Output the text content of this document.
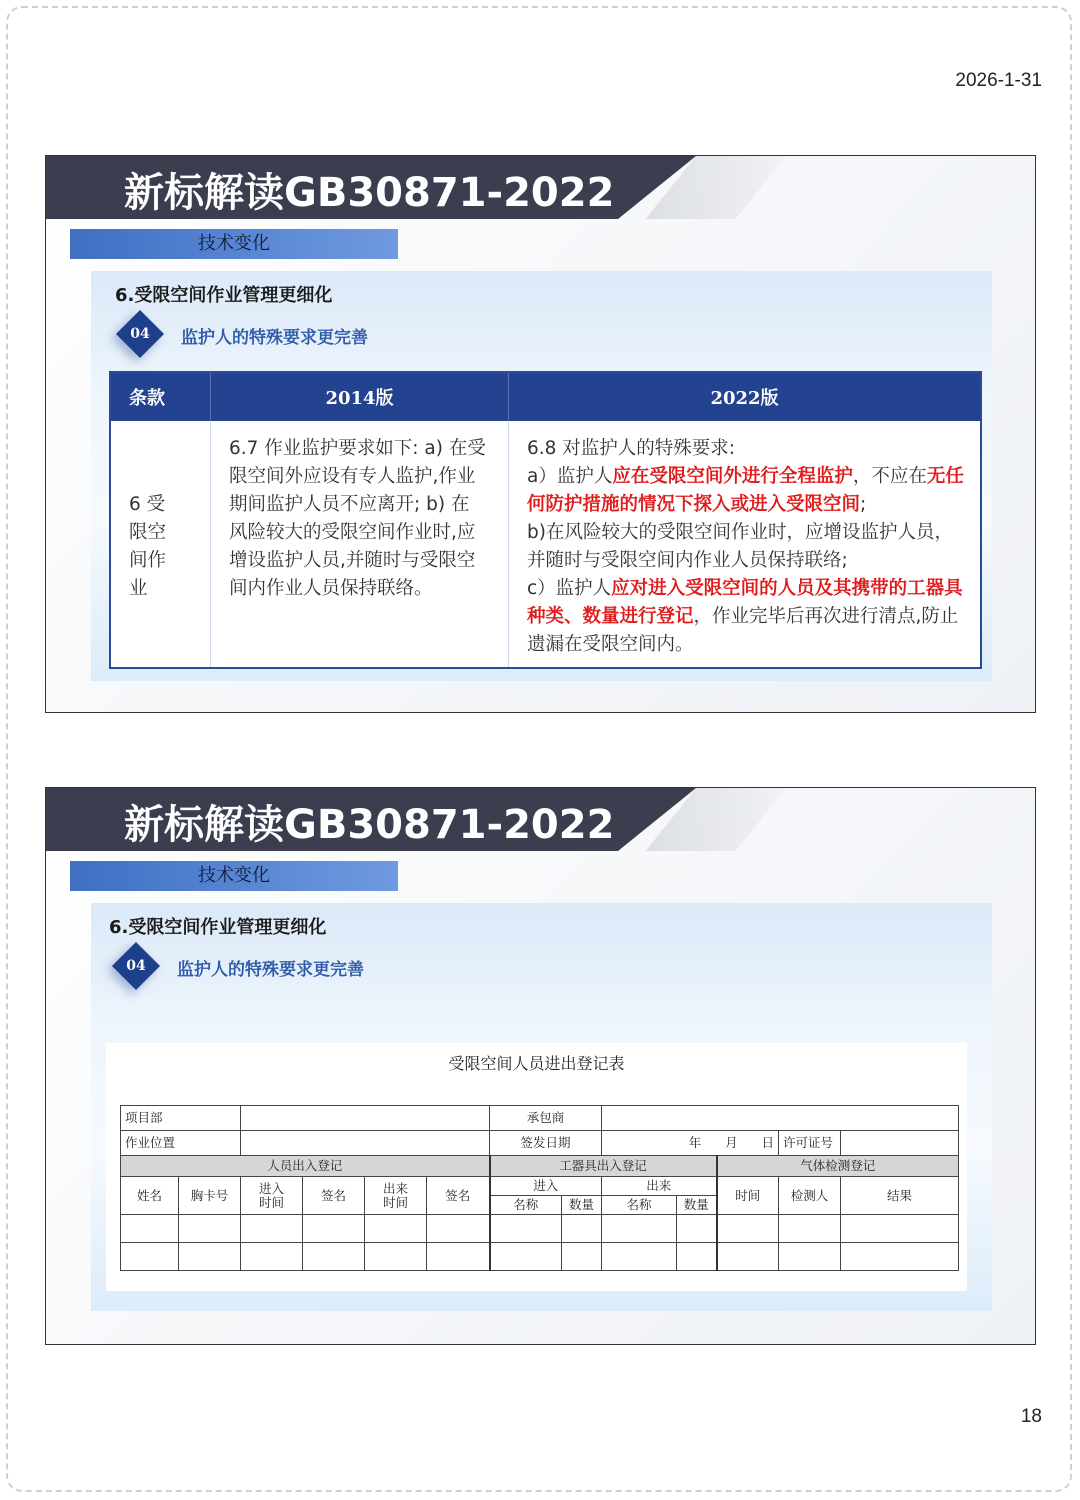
2026-1-31
新标解读GB30871-2022
技术变化
6.受限空间作业管理更细化
04	监护人的特殊要求更完善
条款	2014版	2022版

6 受限空间作业	6.7 作业监护要求如下: a) 在受限空间外应设有专人监护,作业期间监护人员不应离开; b) 在风险较大的受限空间作业时,应增设监护人员,并随时与受限空间内作业人员保持联络。	6.8 对监护人的特殊要求:
a）监护人应在受限空间外进行全程监护，不应在无任何防护措施的情况下探入或进入受限空间;
b)在风险较大的受限空间作业时，应增设监护人员，并随时与受限空间内作业人员保持联络;
c）监护人应对进入受限空间的人员及其携带的工器具种类、数量进行登记，作业完毕后再次进行清点,防止遗漏在受限空间内。
新标解读GB30871-2022
技术变化
6.受限空间作业管理更细化
04	监护人的特殊要求更完善
受限空间人员进出登记表
项目部						承包商						
作业位置						签发日期		年 月 日			许可证号	
人员出入登记						工器具出入登记				气体检测登记		
姓名	胸卡号	进入时间	签名	出来时间	签名	进入		出来		时间	检测人	结果
						名称	数量	名称	数量			

18
